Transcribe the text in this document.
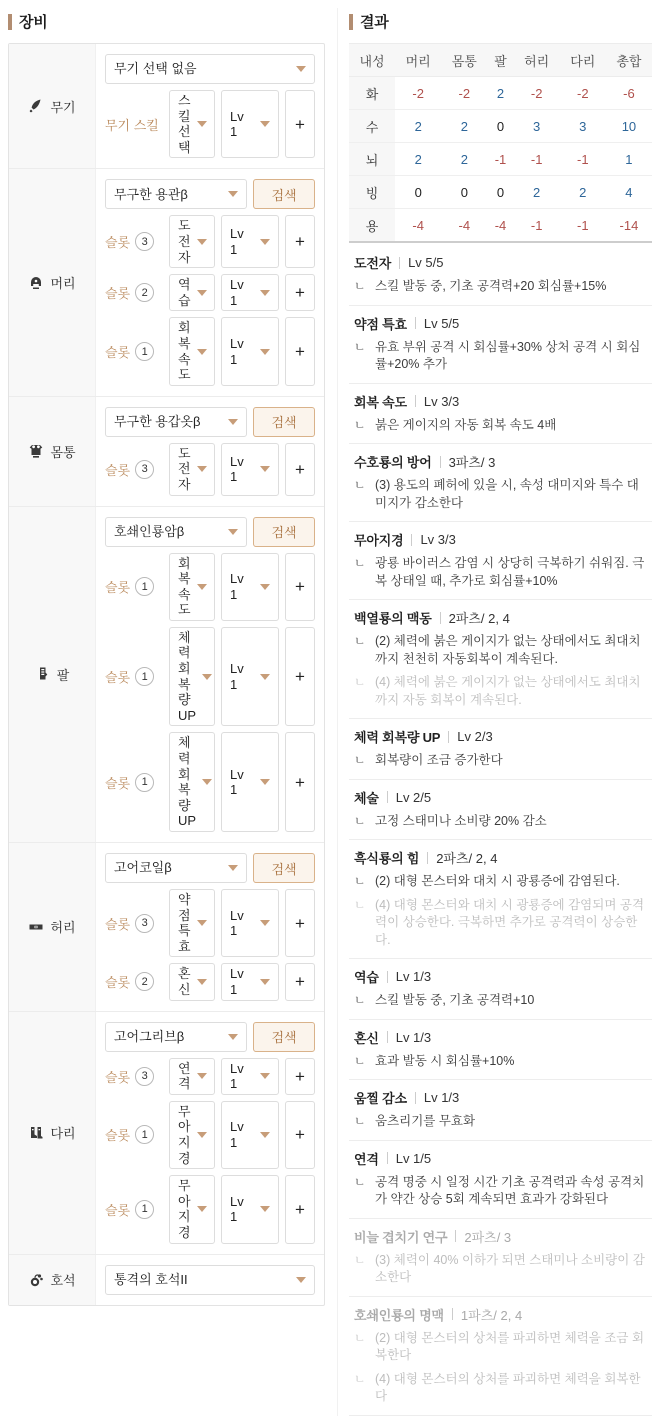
장비
무기
무기 선택 없음
무기 스킬
스킬 선택
Lv 1	+
머리
무구한 용관β	검색
슬롯	3
도전자
Lv 1	+
슬롯	2
역습
Lv 1	+
슬롯	1
회복 속도
Lv 1	+
몸통
무구한 용갑옷β	검색
슬롯	3
도전자
Lv 1	+
팔
호쇄인룡암β	검색
슬롯	1
회복 속도
Lv 1	+
슬롯	1
체력 회복량 UP
Lv 1	+
슬롯	1
체력 회복량 UP
Lv 1	+
허리
고어코일β	검색
슬롯	3
약점 특효
Lv 1	+
슬롯	2
혼신
Lv 1	+
다리
고어그리브β	검색
슬롯	3
연격
Lv 1	+
슬롯	1
무아지경
Lv 1	+
슬롯	1
무아지경
Lv 1	+
호석	통격의 호석II
결과
내성	머리	몸통	팔	허리	다리	총합
화	-2	-2	2	-2	-2	-6
수	2	2	0	3	3	10
뇌	2	2	-1	-1	-1	1
빙	0	0	0	2	2	4
용	-4	-4	-4	-1	-1	-14
도전자 Lv 5/5
ㄴ 스킬 발동 중, 기초 공격력+20 회심률+15%
약점 특효 Lv 5/5
ㄴ 유효 부위 공격 시 회심률+30% 상처 공격 시 회심률+20% 추가
회복 속도 Lv 3/3
ㄴ 붉은 게이지의 자동 회복 속도 4배
수호룡의 방어 3파츠/ 3
ㄴ (3) 용도의 폐허에 있을 시, 속성 대미지와 특수 대미지가 감소한다
무아지경 Lv 3/3
ㄴ 광룡 바이러스 감염 시 상당히 극복하기 쉬워짐. 극복 상태일 때, 추가로 회심률+10%
백열룡의 맥동 2파츠/ 2, 4
ㄴ (2) 체력에 붉은 게이지가 없는 상태에서도 최대치까지 천천히 자동회복이 계속된다.
ㄴ (4) 체력에 붉은 게이지가 없는 상태에서도 최대치까지 자동 회복이 계속된다.
체력 회복량 UP Lv 2/3
ㄴ 회복량이 조금 증가한다
체술 Lv 2/5
ㄴ 고정 스태미나 소비량 20% 감소
흑식룡의 힘 2파츠/ 2, 4
ㄴ (2) 대형 몬스터와 대치 시 광룡증에 감염된다.
ㄴ (4) 대형 몬스터와 대치 시 광룡증에 감염되며 공격력이 상승한다. 극복하면 추가로 공격력이 상승한다.
역습 Lv 1/3
ㄴ 스킬 발동 중, 기초 공격력+10
혼신 Lv 1/3
ㄴ 효과 발동 시 회심률+10%
움찔 감소 Lv 1/3
ㄴ 움츠리기를 무효화
연격 Lv 1/5
ㄴ 공격 명중 시 일정 시간 기초 공격력과 속성 공격치가 약간 상승 5회 계속되면 효과가 강화된다
비늘 겹치기 연구 2파츠/ 3
ㄴ (3) 체력이 40% 이하가 되면 스태미나 소비량이 감소한다
호쇄인룡의 명맥 1파츠/ 2, 4
ㄴ (2) 대형 몬스터의 상처를 파괴하면 체력을 조금 회복한다
ㄴ (4) 대형 몬스터의 상처를 파괴하면 체력을 회복한다
